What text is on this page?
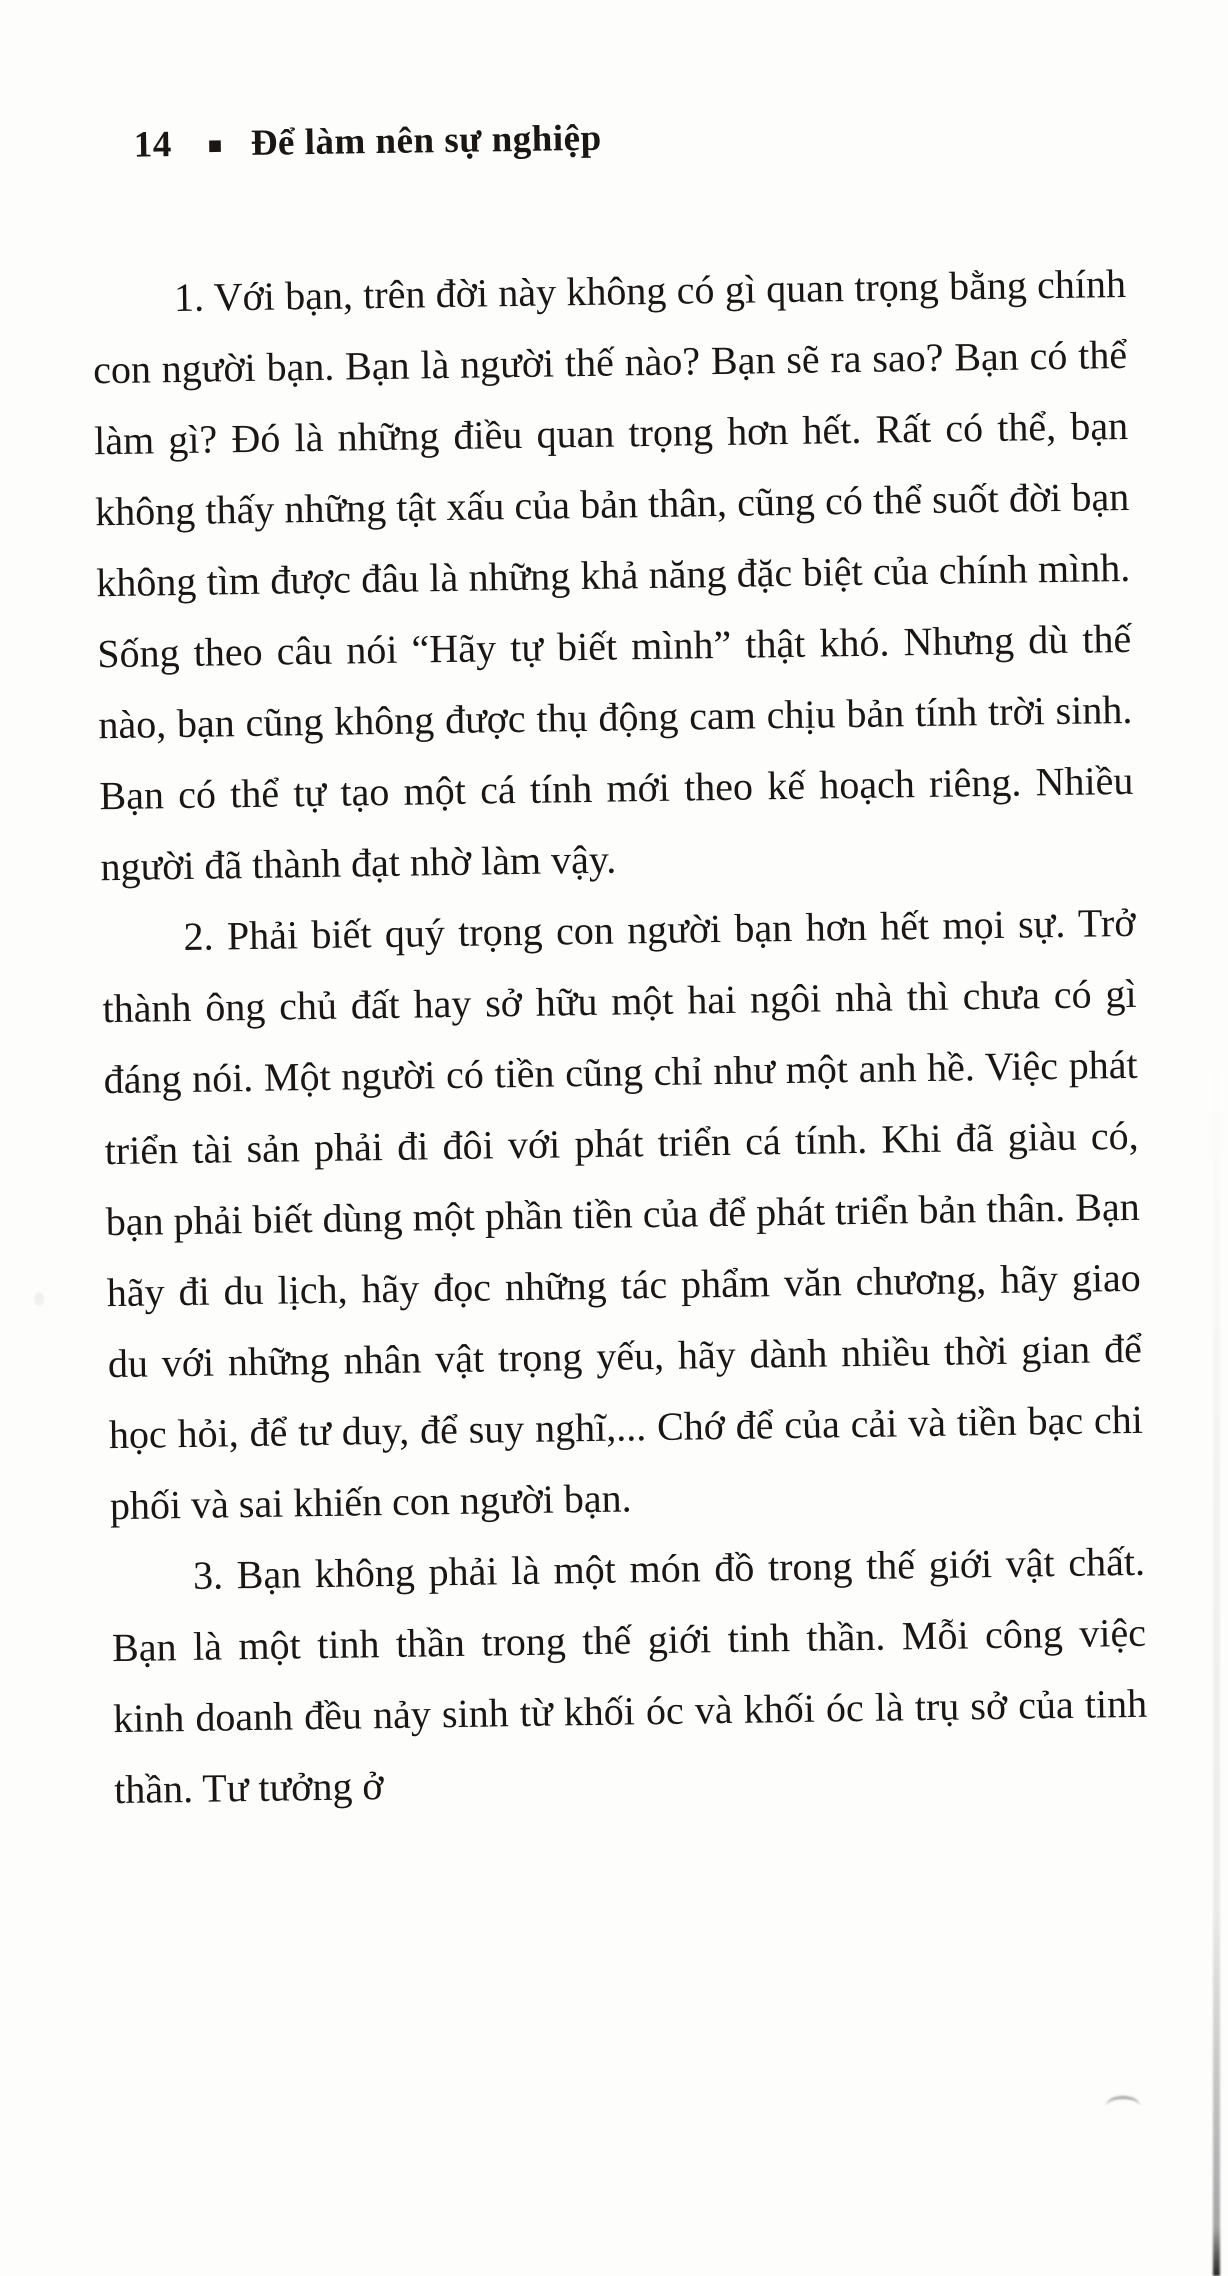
14 ■ Để làm nên sự nghiệp

1. Với bạn, trên đời này không có gì quan trọng bằng chính con người bạn. Bạn là người thế nào? Bạn sẽ ra sao? Bạn có thể làm gì? Đó là những điều quan trọng hơn hết. Rất có thể, bạn không thấy những tật xấu của bản thân, cũng có thể suốt đời bạn không tìm được đâu là những khả năng đặc biệt của chính mình. Sống theo câu nói “Hãy tự biết mình” thật khó. Nhưng dù thế nào, bạn cũng không được thụ động cam chịu bản tính trời sinh. Bạn có thể tự tạo một cá tính mới theo kế hoạch riêng. Nhiều người đã thành đạt nhờ làm vậy.

2. Phải biết quý trọng con người bạn hơn hết mọi sự. Trở thành ông chủ đất hay sở hữu một hai ngôi nhà thì chưa có gì đáng nói. Một người có tiền cũng chỉ như một anh hề. Việc phát triển tài sản phải đi đôi với phát triển cá tính. Khi đã giàu có, bạn phải biết dùng một phần tiền của để phát triển bản thân. Bạn hãy đi du lịch, hãy đọc những tác phẩm văn chương, hãy giao du với những nhân vật trọng yếu, hãy dành nhiều thời gian để học hỏi, để tư duy, để suy nghĩ,... Chớ để của cải và tiền bạc chi phối và sai khiến con người bạn.

3. Bạn không phải là một món đồ trong thế giới vật chất. Bạn là một tinh thần trong thế giới tinh thần. Mỗi công việc kinh doanh đều nảy sinh từ khối óc và khối óc là trụ sở của tinh thần. Tư tưởng ở
